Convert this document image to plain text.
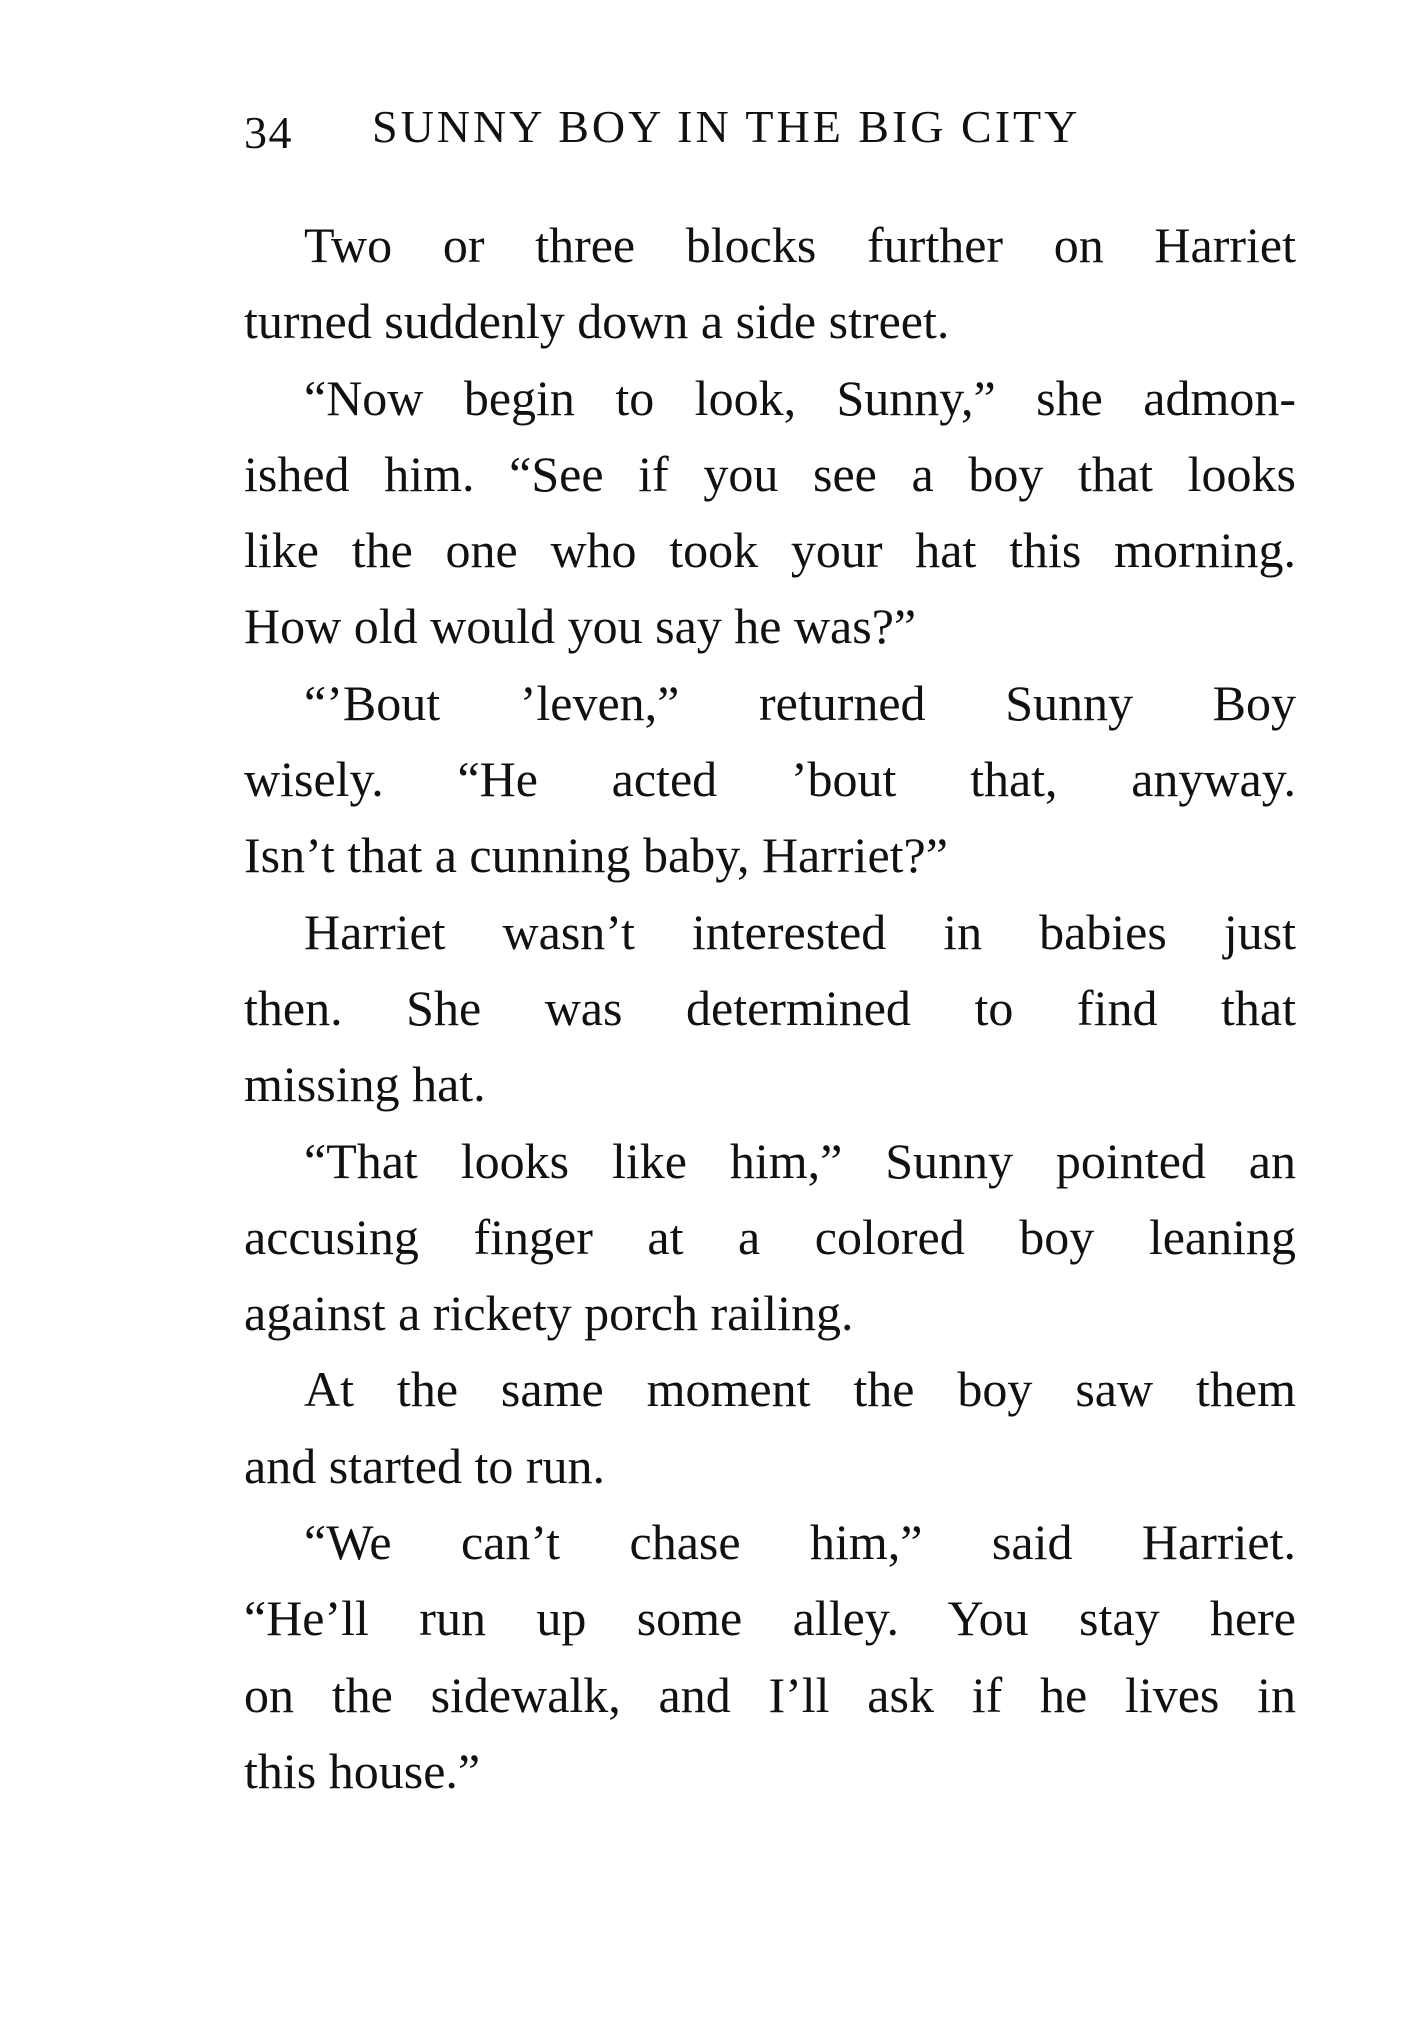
34 SUNNY BOY IN THE BIG CITY
Two or three blocks further on Harriet
turned suddenly down a side street.
“Now begin to look, Sunny,” she admon-
ished him. “See if you see a boy that looks
like the one who took your hat this morning.
How old would you say he was?”
“’Bout ’leven,” returned Sunny Boy
wisely. “He acted ’bout that, anyway.
Isn’t that a cunning baby, Harriet?”
Harriet wasn’t interested in babies just
then. She was determined to find that
missing hat.
“That looks like him,” Sunny pointed an
accusing finger at a colored boy leaning
against a rickety porch railing.
At the same moment the boy saw them
and started to run.
“We can’t chase him,” said Harriet.
“He’ll run up some alley. You stay here
on the sidewalk, and I’ll ask if he lives in
this house.”
